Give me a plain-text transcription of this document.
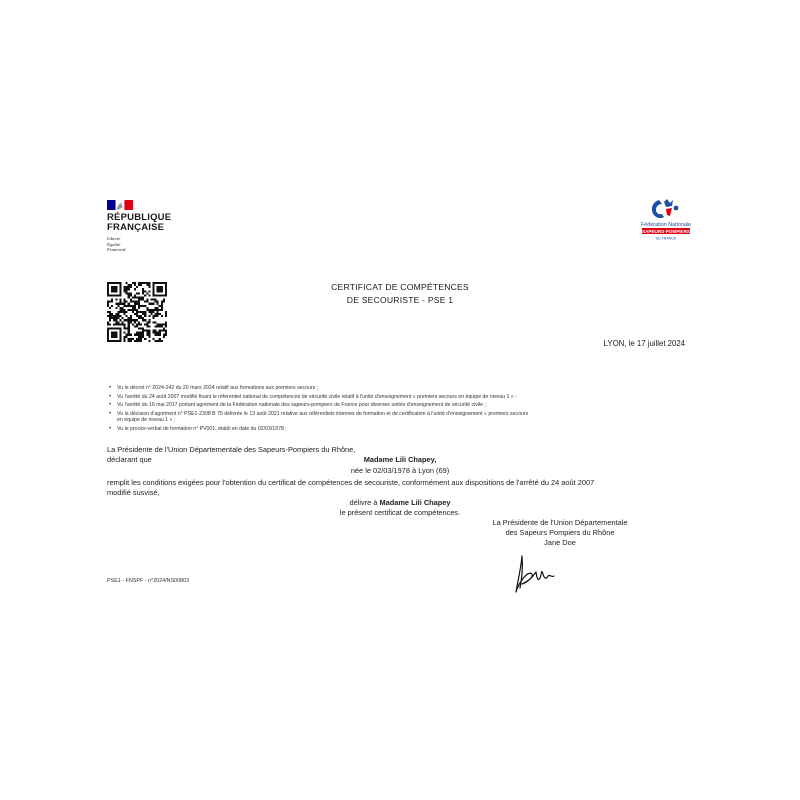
RÉPUBLIQUE
FRANÇAISE
Liberté
Égalité
Fraternité
Fédération Nationale
SAPEURS-POMPIERS
DE FRANCE
CERTIFICAT DE COMPÉTENCES
DE SECOURISTE - PSE 1
LYON, le 17 juillet 2024
• Vu le décret n° 2024-242 du 20 mars 2024 relatif aux formations aux premiers secours ;
• Vu l'arrêté du 24 août 2007 modifié fixant le référentiel national de compétences de sécurité civile relatif à l'unité d'enseignement « premiers secours en équipe de niveau 1 » ;
• Vu l'arrêté du 16 mai 2017 portant agrément de la Fédération nationale des sapeurs-pompiers de France pour diverses unités d'enseignement de sécurité civile ;
• Vu la décision d'agrément n° PSE1-2308 B 75 délivrée le 13 août 2021 relative aux référentiels internes de formation et de certification à l'unité d'enseignement « premiers secours
en équipe de niveau 1 » ;
• Vu le procès-verbal de formation n° PV001, établi en date du 02/03/1978 ;
La Présidente de l'Union Départementale des Sapeurs-Pompiers du Rhône,
déclarant que	Madame Lili Chapey,
née le 02/03/1978 à Lyon (69)
remplit les conditions exigées pour l'obtention du certificat de compétences de secouriste, conformément aux dispositions de l'arrêté du 24 août 2007
modifié susvisé,
délivre à Madame Lili Chapey
le présent certificat de compétences.
La Présidente de l'Union Départementale
des Sapeurs Pompiers du Rhône
Jane Doe
PSE1 - FNSPF - n°2024/NS00803
